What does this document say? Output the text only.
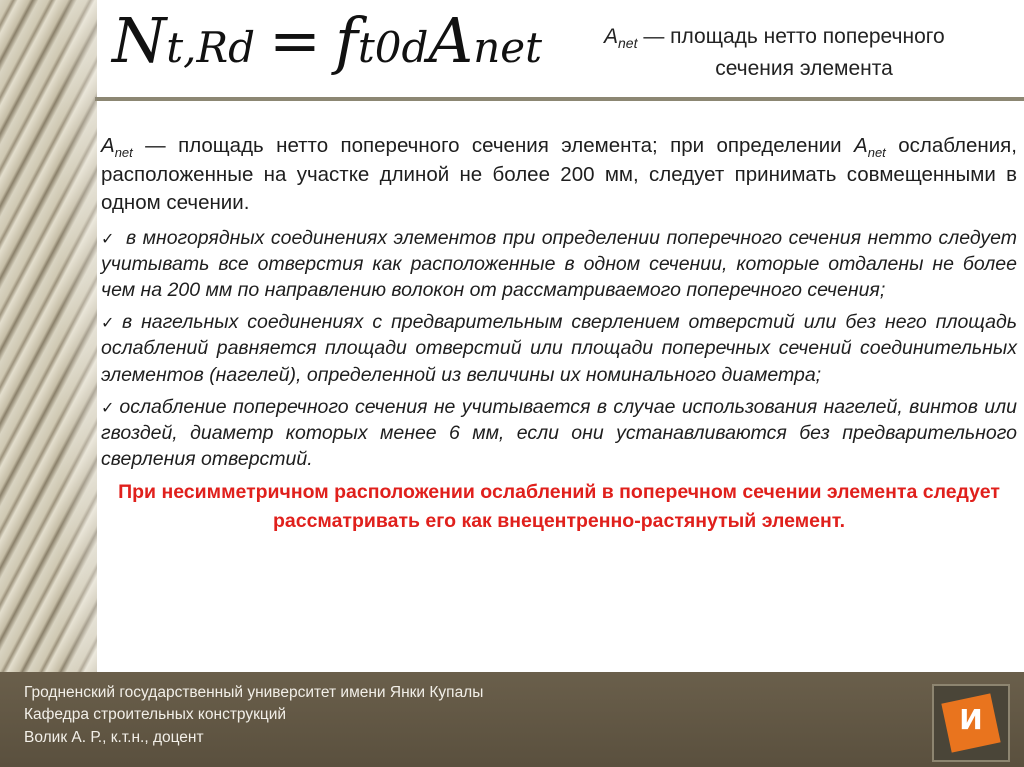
Nt,Rd = ft0dAnet	$A_{net}$ — площадь нетто поперечного
сечения элемента

$A_{net}$ — площадь нетто поперечного сечения элемента; при определении $A_{net}$ ослабления, расположенные на участке длиной не более 200 мм, следует принимать совмещенными в одном сечении.

✓ в многорядных соединениях элементов при определении поперечного сечения нетто следует учитывать все отверстия как расположенные в одном сечении, которые отдалены не более чем на 200 мм по направлению волокон от рассматриваемого поперечного сечения;

✓ в нагельных соединениях с предварительным сверлением отверстий или без него площадь ослаблений равняется площади отверстий или площади поперечных сечений соединительных элементов (нагелей), определенной из величины их номинального диаметра;

✓ ослабление поперечного сечения не учитывается в случае использования нагелей, винтов или гвоздей, диаметр которых менее 6 мм, если они устанавливаются без предварительного сверления отверстий.

При несимметричном расположении ослаблений в поперечном сечении элемента следует рассматривать его как внецентренно-растянутый элемент.
Гродненский государственный университет имени Янки Купалы
Кафедра строительных конструкций
Волик А. Р., к.т.н., доцент
И
